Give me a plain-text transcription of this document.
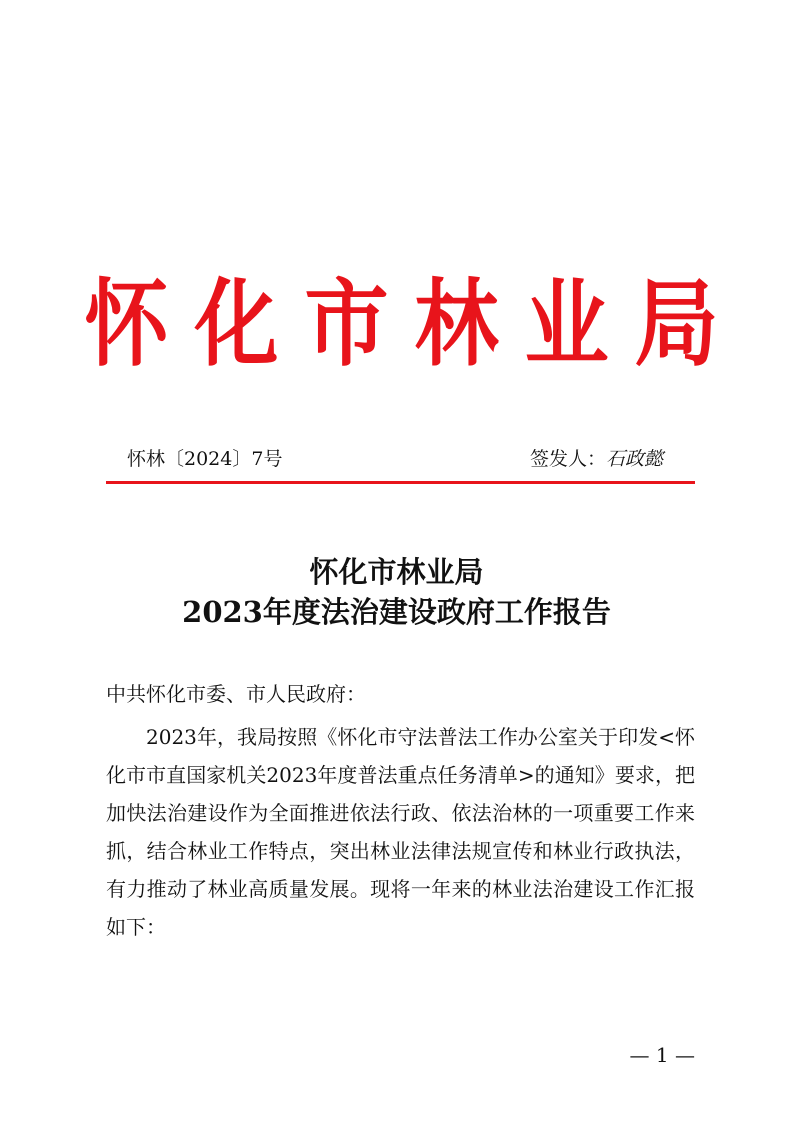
怀化市林业局
怀林〔2024〕7号	签发人：石政懿
怀化市林业局
2023年度法治建设政府工作报告
中共怀化市委、市人民政府：

2023年，我局按照《怀化市守法普法工作办公室关于印发<怀化市市直国家机关2023年度普法重点任务清单>的通知》要求，把加快法治建设作为全面推进依法行政、依法治林的一项重要工作来抓，结合林业工作特点，突出林业法律法规宣传和林业行政执法，有力推动了林业高质量发展。现将一年来的林业法治建设工作汇报如下：

— 1 —
